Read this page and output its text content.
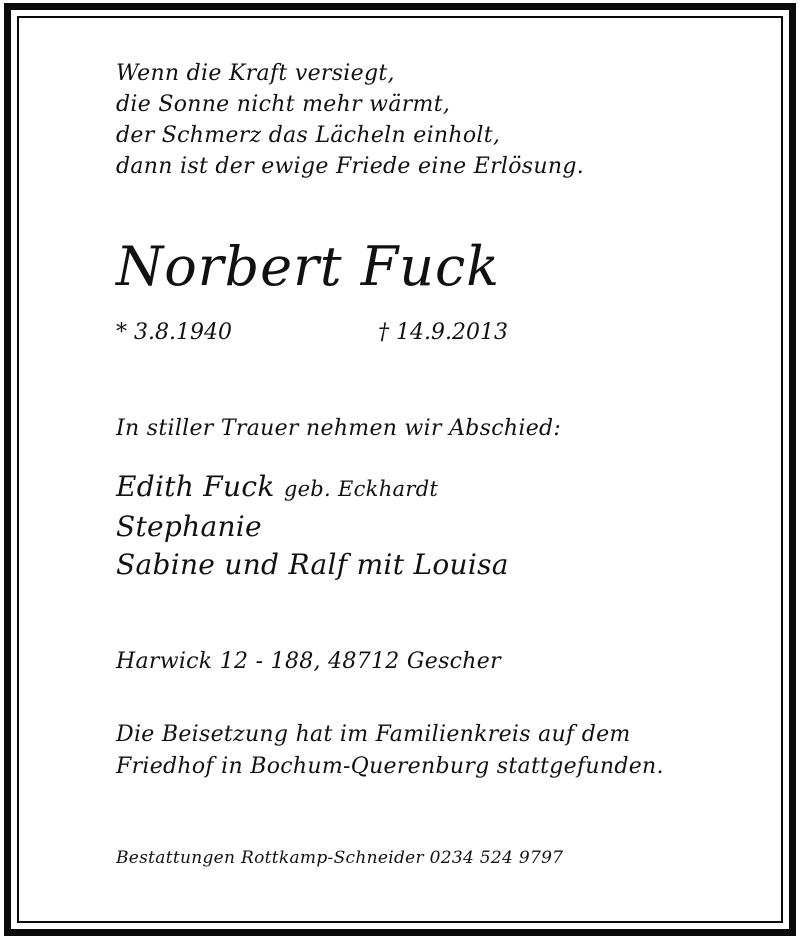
Wenn die Kraft versiegt,
die Sonne nicht mehr wärmt,
der Schmerz das Lächeln einholt,
dann ist der ewige Friede eine Erlösung.
Norbert Fuck
* 3.8.1940	† 14.9.2013
In stiller Trauer nehmen wir Abschied:
Edith Fuck geb. Eckhardt
Stephanie
Sabine und Ralf mit Louisa
Harwick 12 - 188, 48712 Gescher
Die Beisetzung hat im Familienkreis auf dem
Friedhof in Bochum-Querenburg stattgefunden.
Bestattungen Rottkamp-Schneider 0234 524 9797
